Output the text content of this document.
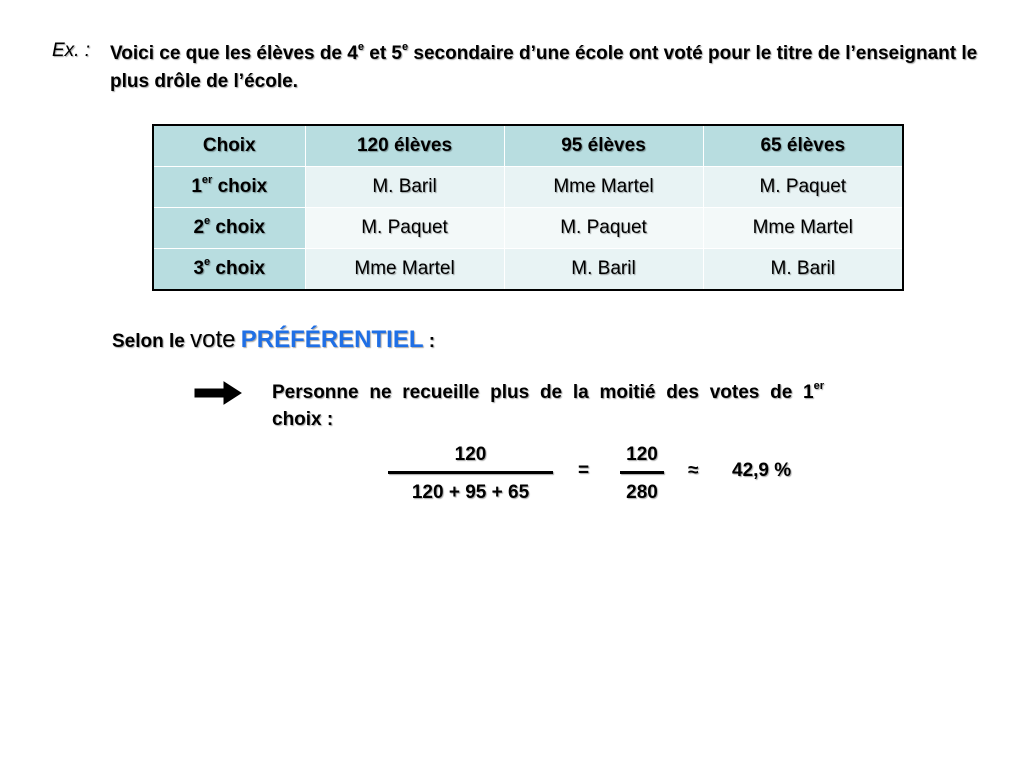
Ex. : Voici ce que les élèves de 4e et 5e secondaire d’une école ont voté pour le titre de l’enseignant le plus drôle de l’école.
Choix	120 élèves	95 élèves	65 élèves
1er choix	M. Baril	Mme Martel	M. Paquet
2e choix	M. Paquet	M. Paquet	Mme Martel
3e choix	Mme Martel	M. Baril	M. Baril
Selon le vote PRÉFÉRENTIEL :
Personne ne recueille plus de la moitié des votes de 1er choix :
120
120 + 95 + 65
=
120
280
≈ 42,9 %
